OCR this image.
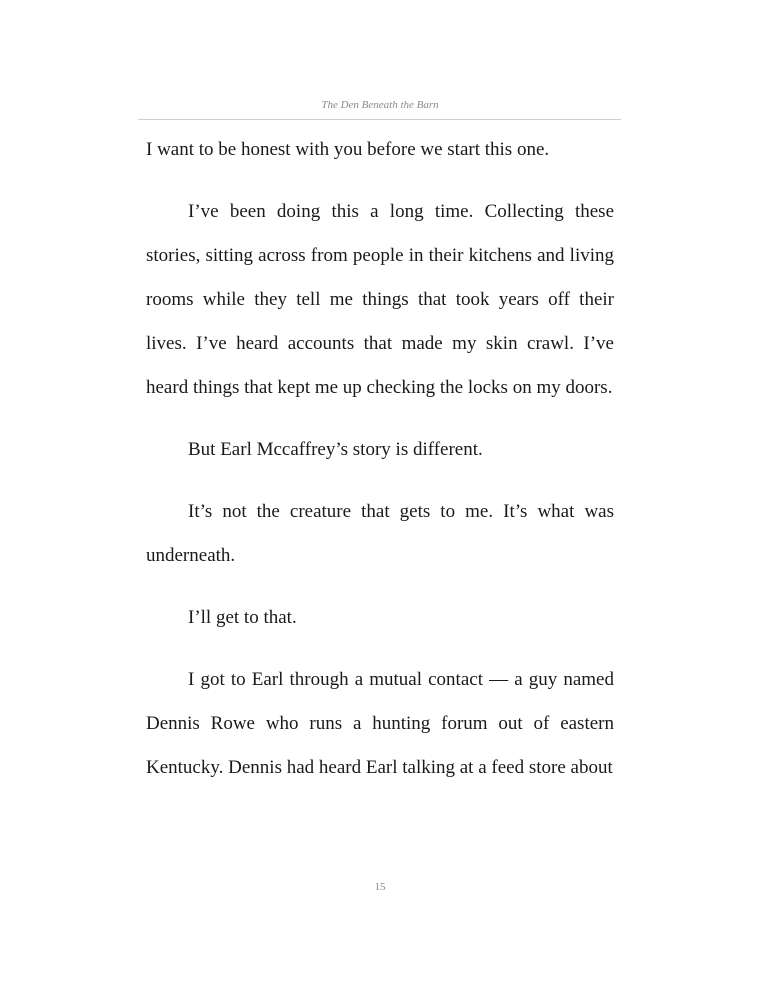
The Den Beneath the Barn

I want to be honest with you before we start this one.

I’ve been doing this a long time. Collecting these stories, sitting across from people in their kitchens and living rooms while they tell me things that took years off their lives. I’ve heard accounts that made my skin crawl. I’ve heard things that kept me up checking the locks on my doors.

But Earl Mccaffrey’s story is different.

It’s not the creature that gets to me. It’s what was underneath.

I’ll get to that.

I got to Earl through a mutual contact — a guy named Dennis Rowe who runs a hunting forum out of eastern Kentucky. Dennis had heard Earl talking at a feed store about

15
